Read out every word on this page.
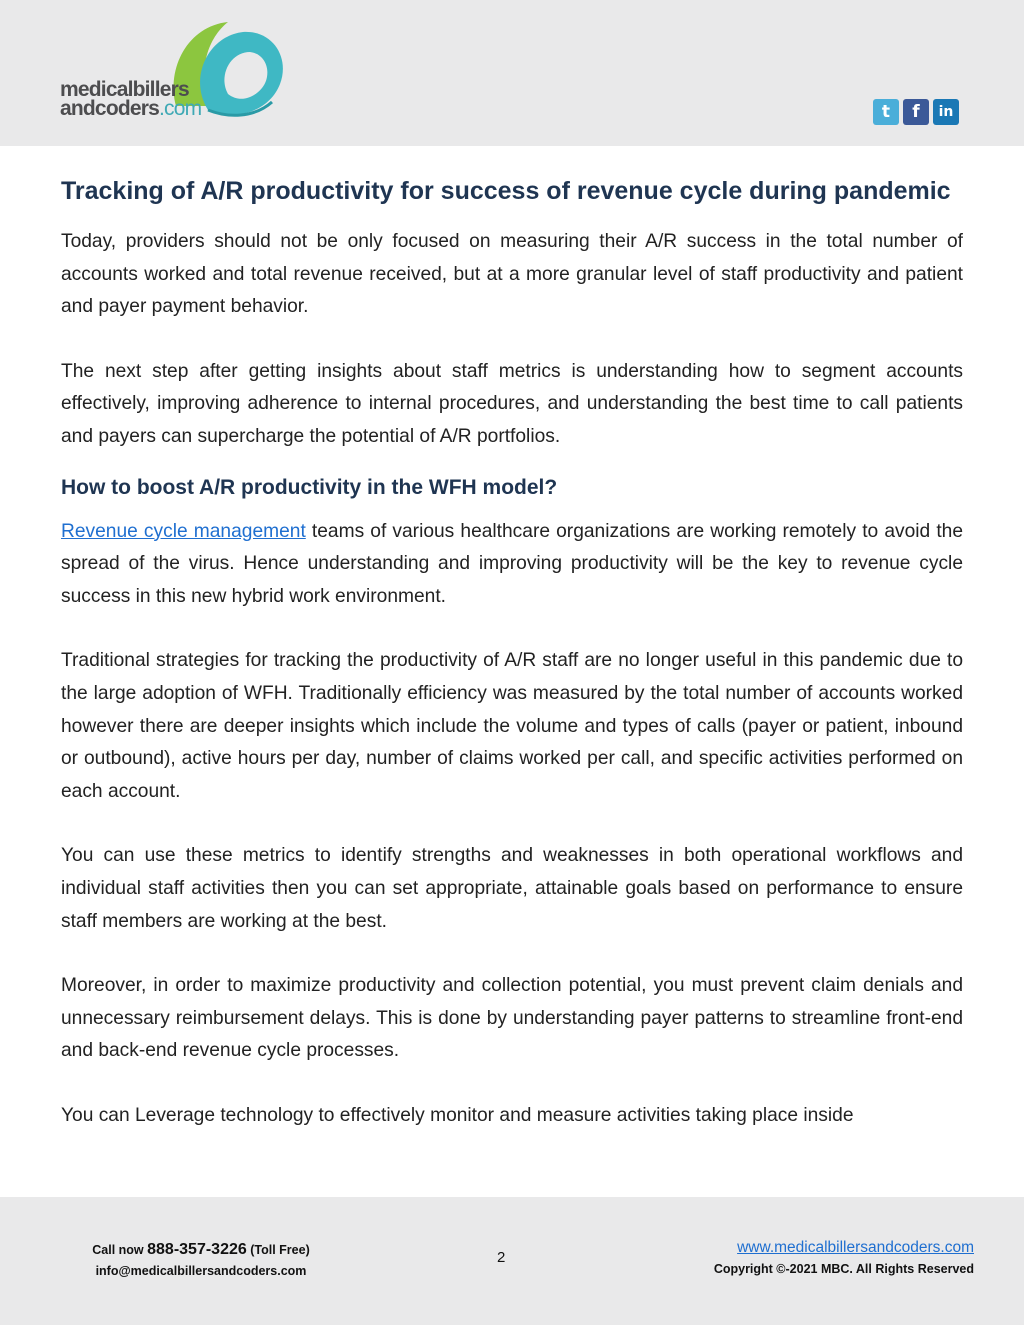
medicalbillers
andcoders.com	t	f	in
Tracking of A/R productivity for success of revenue cycle during pandemic

Today, providers should not be only focused on measuring their A/R success in the total number of accounts worked and total revenue received, but at a more granular level of staff productivity and patient and payer payment behavior.

The next step after getting insights about staff metrics is understanding how to segment accounts effectively, improving adherence to internal procedures, and understanding the best time to call patients and payers can supercharge the potential of A/R portfolios.

How to boost A/R productivity in the WFH model?

Revenue cycle management teams of various healthcare organizations are working remotely to avoid the spread of the virus. Hence understanding and improving productivity will be the key to revenue cycle success in this new hybrid work environment.

Traditional strategies for tracking the productivity of A/R staff are no longer useful in this pandemic due to the large adoption of WFH. Traditionally efficiency was measured by the total number of accounts worked however there are deeper insights which include the volume and types of calls (payer or patient, inbound or outbound), active hours per day, number of claims worked per call, and specific activities performed on each account.

You can use these metrics to identify strengths and weaknesses in both operational workflows and individual staff activities then you can set appropriate, attainable goals based on performance to ensure staff members are working at the best.

Moreover, in order to maximize productivity and collection potential, you must prevent claim denials and unnecessary reimbursement delays. This is done by understanding payer patterns to streamline front-end and back-end revenue cycle processes.

You can Leverage technology to effectively monitor and measure activities taking place inside

Call now 888-357-3226 (Toll Free)
info@medicalbillersandcoders.com
2
www.medicalbillersandcoders.com
Copyright ©-2021 MBC. All Rights Reserved
